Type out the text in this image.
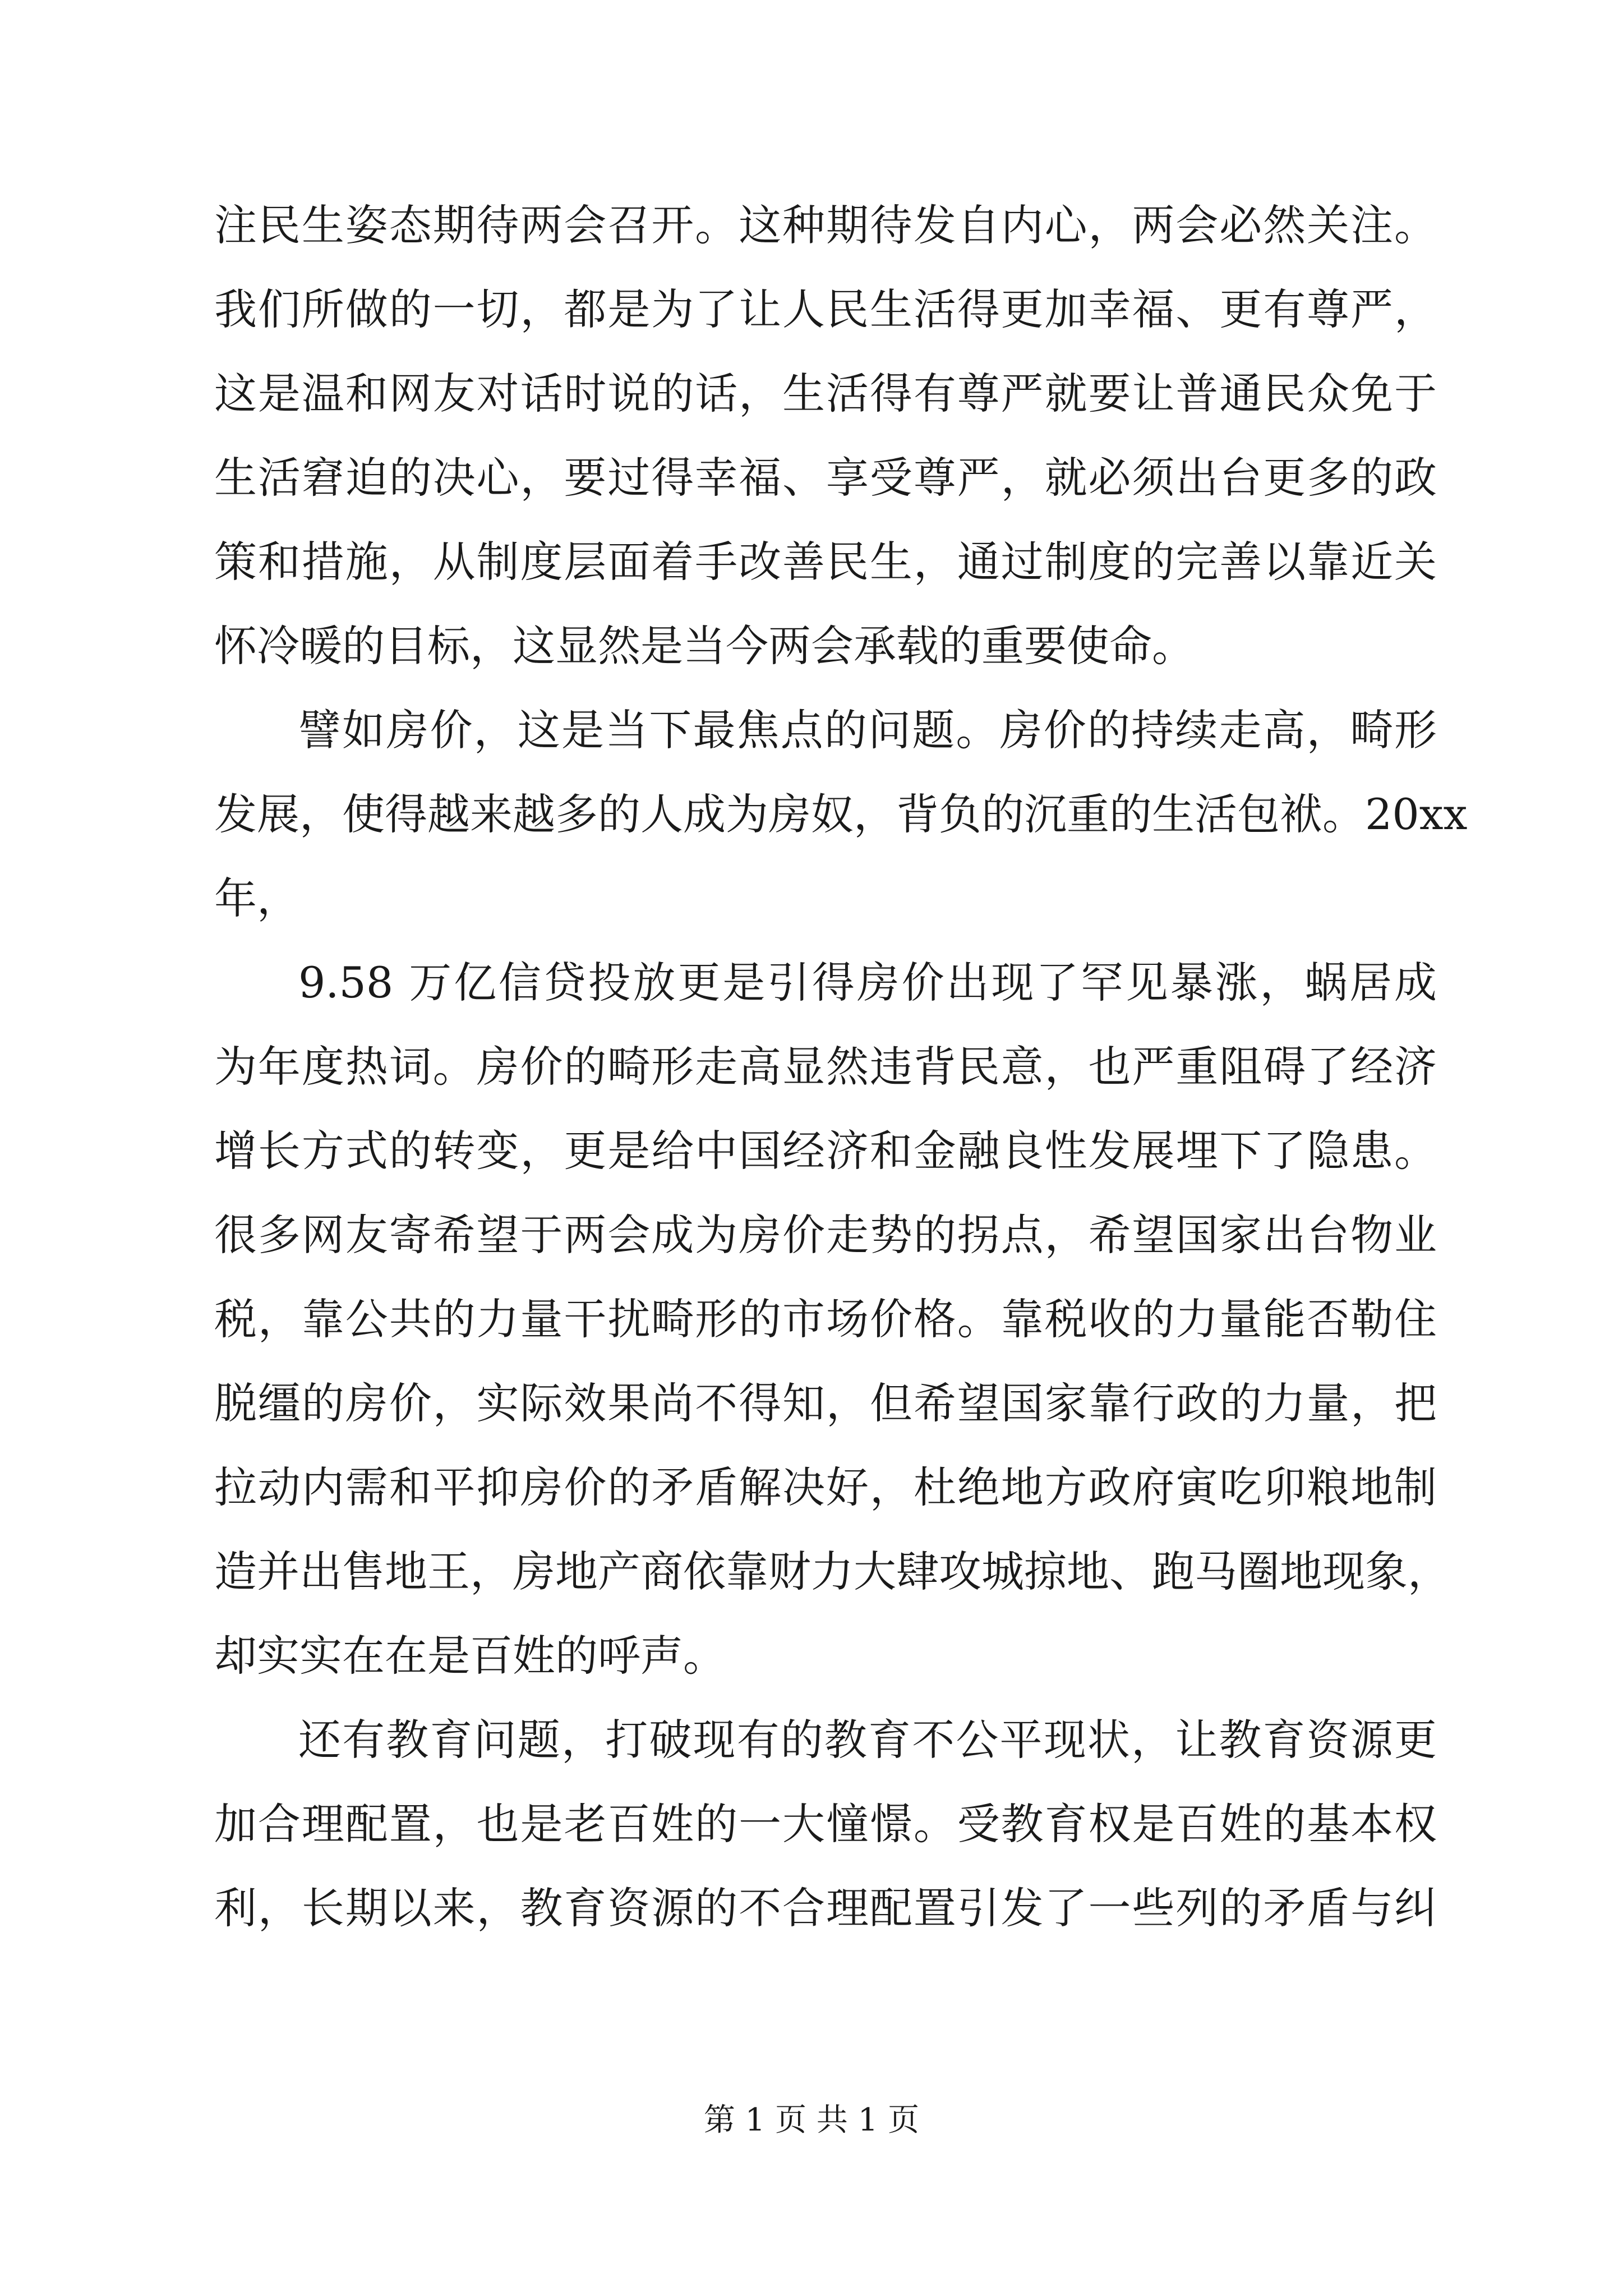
注民生姿态期待两会召开。这种期待发自内心，两会必然关注。
我们所做的一切，都是为了让人民生活得更加幸福、更有尊严，
这是温和网友对话时说的话，生活得有尊严就要让普通民众免于
生活窘迫的决心，要过得幸福、享受尊严，就必须出台更多的政
策和措施，从制度层面着手改善民生，通过制度的完善以靠近关
怀冷暖的目标，这显然是当今两会承载的重要使命。
譬如房价，这是当下最焦点的问题。房价的持续走高，畸形
发展，使得越来越多的人成为房奴，背负的沉重的生活包袱。20xx
年，
9.58 万亿信贷投放更是引得房价出现了罕见暴涨，蜗居成
为年度热词。房价的畸形走高显然违背民意，也严重阻碍了经济
增长方式的转变，更是给中国经济和金融良性发展埋下了隐患。
很多网友寄希望于两会成为房价走势的拐点，希望国家出台物业
税，靠公共的力量干扰畸形的市场价格。靠税收的力量能否勒住
脱缰的房价，实际效果尚不得知，但希望国家靠行政的力量，把
拉动内需和平抑房价的矛盾解决好，杜绝地方政府寅吃卯粮地制
造并出售地王，房地产商依靠财力大肆攻城掠地、跑马圈地现象，
却实实在在是百姓的呼声。
还有教育问题，打破现有的教育不公平现状，让教育资源更
加合理配置，也是老百姓的一大憧憬。受教育权是百姓的基本权
利，长期以来，教育资源的不合理配置引发了一些列的矛盾与纠
第 1 页 共 1 页
